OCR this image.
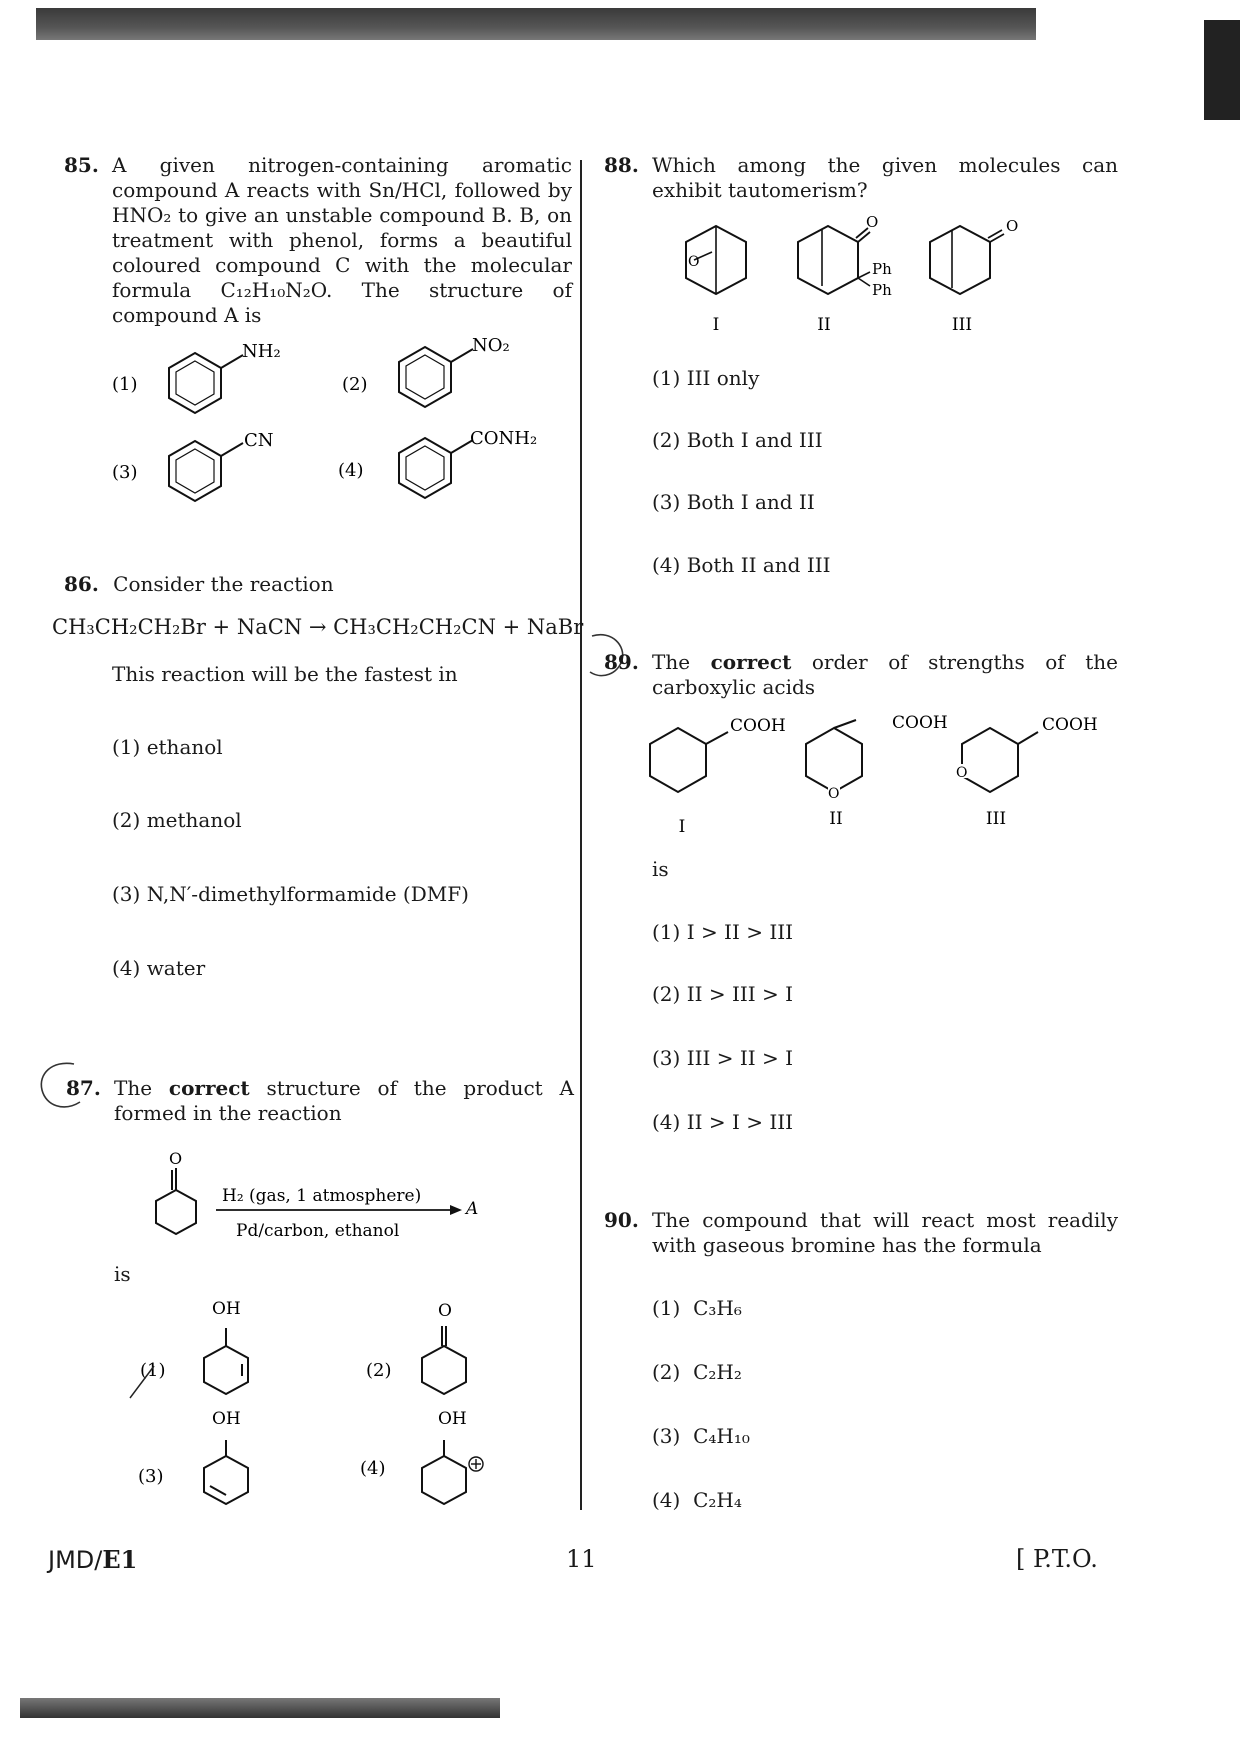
85. A given nitrogen-containing aromatic compound A reacts with Sn/HCl, followed by HNO₂ to give an unstable compound B. B, on treatment with phenol, forms a beautiful coloured compound C with the molecular formula C₁₂H₁₀N₂O. The structure of compound A is
(1)
NH₂
(2)
NO₂
(3)
CN
(4)
CONH₂
86. Consider the reaction
CH₃CH₂CH₂Br + NaCN → CH₃CH₂CH₂CN + NaBr
This reaction will be the fastest in
(1) ethanol
(2) methanol
(3) N,N′-dimethylformamide (DMF)
(4) water
87. The correct structure of the product A formed in the reaction
O
H₂ (gas, 1 atmosphere)
A
Pd/carbon, ethanol
is
(1)
OH
(2)
O
(3)
OH
(4)
OH
88. Which among the given molecules can exhibit tautomerism?
O
I
O
Ph
Ph
II
O
III
(1) III only
(2) Both I and III
(3) Both I and II
(4) Both II and III
89. The correct order of strengths of the carboxylic acids
COOH
I
O
COOH
II
O
COOH
III
is
(1) I > II > III
(2) II > III > I
(3) III > II > I
(4) II > I > III
90. The compound that will react most readily with gaseous bromine has the formula
(1) C₃H₆
(2) C₂H₂
(3) C₄H₁₀
(4) C₂H₄
JMD/E1	11	[ P.T.O.
